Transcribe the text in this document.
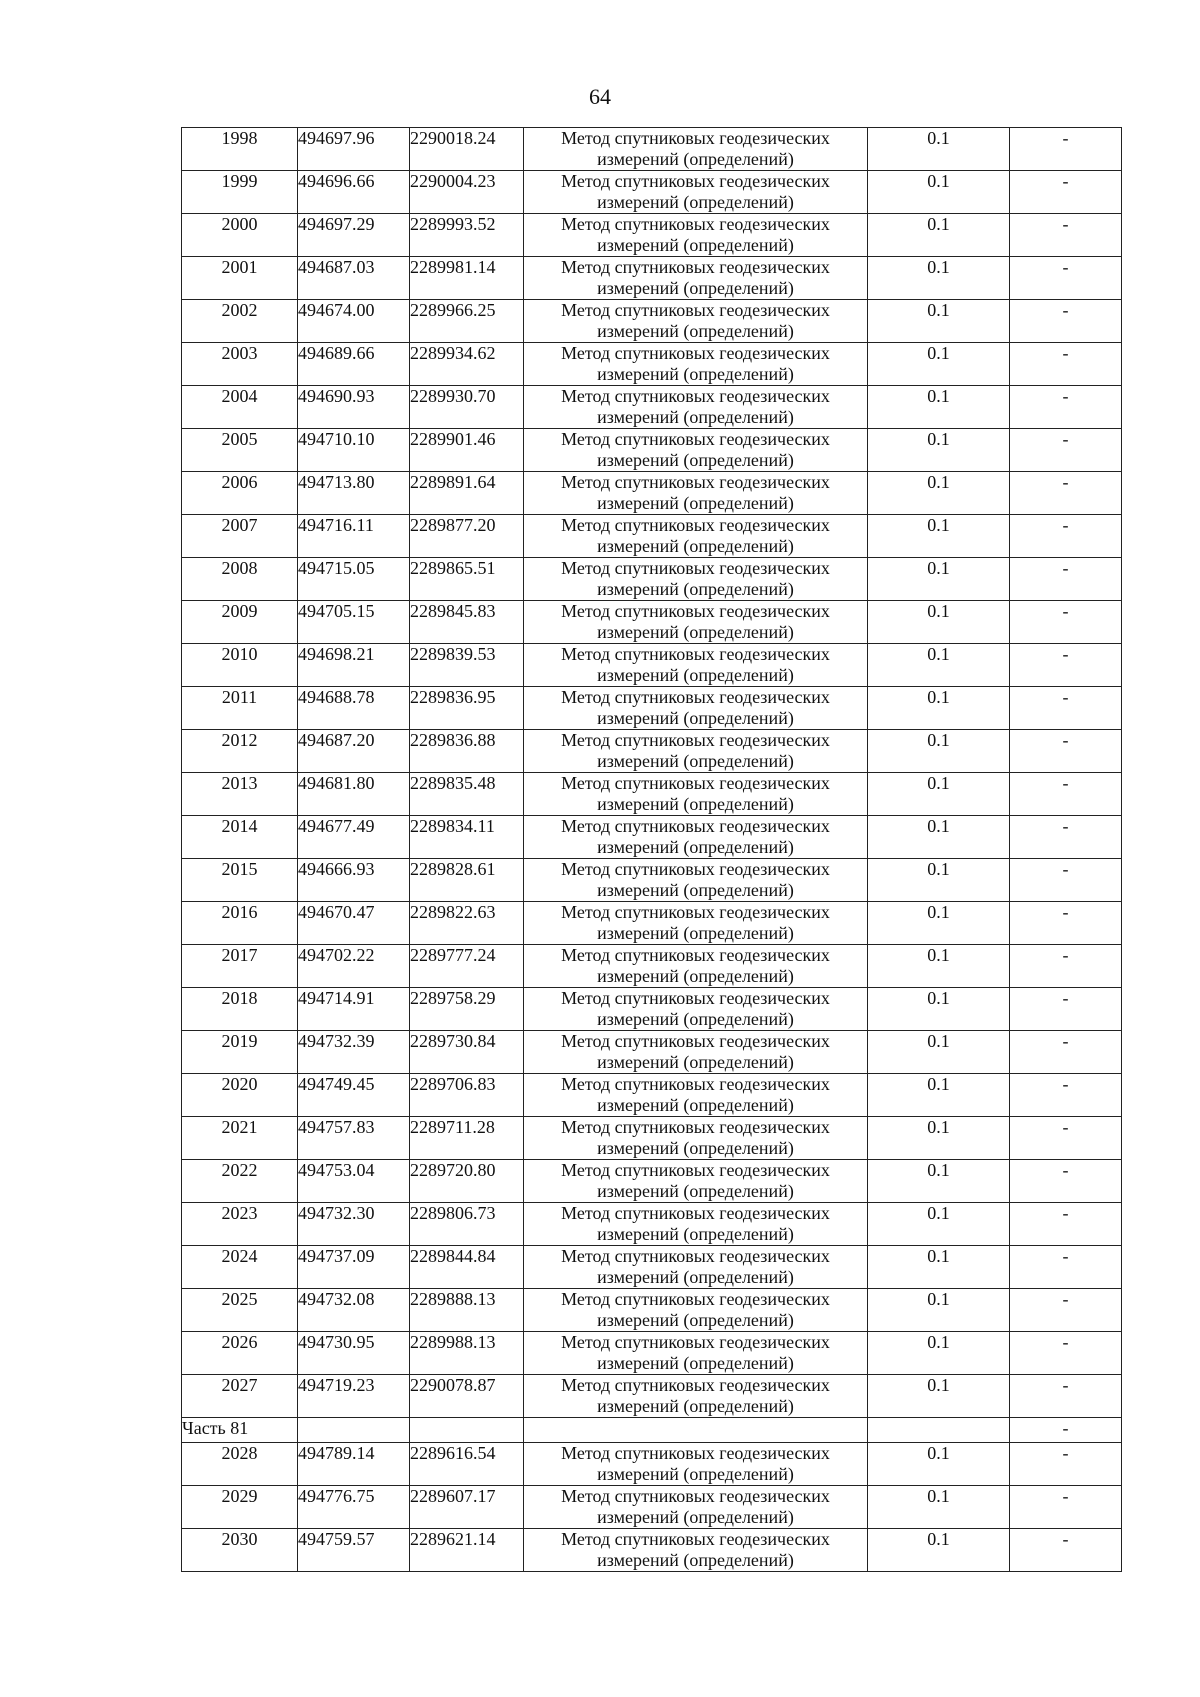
64
1998	494697.96	2290018.24	Метод спутниковых геодезических измерений (определений)	0.1	-
1999	494696.66	2290004.23	Метод спутниковых геодезических измерений (определений)	0.1	-
2000	494697.29	2289993.52	Метод спутниковых геодезических измерений (определений)	0.1	-
2001	494687.03	2289981.14	Метод спутниковых геодезических измерений (определений)	0.1	-
2002	494674.00	2289966.25	Метод спутниковых геодезических измерений (определений)	0.1	-
2003	494689.66	2289934.62	Метод спутниковых геодезических измерений (определений)	0.1	-
2004	494690.93	2289930.70	Метод спутниковых геодезических измерений (определений)	0.1	-
2005	494710.10	2289901.46	Метод спутниковых геодезических измерений (определений)	0.1	-
2006	494713.80	2289891.64	Метод спутниковых геодезических измерений (определений)	0.1	-
2007	494716.11	2289877.20	Метод спутниковых геодезических измерений (определений)	0.1	-
2008	494715.05	2289865.51	Метод спутниковых геодезических измерений (определений)	0.1	-
2009	494705.15	2289845.83	Метод спутниковых геодезических измерений (определений)	0.1	-
2010	494698.21	2289839.53	Метод спутниковых геодезических измерений (определений)	0.1	-
2011	494688.78	2289836.95	Метод спутниковых геодезических измерений (определений)	0.1	-
2012	494687.20	2289836.88	Метод спутниковых геодезических измерений (определений)	0.1	-
2013	494681.80	2289835.48	Метод спутниковых геодезических измерений (определений)	0.1	-
2014	494677.49	2289834.11	Метод спутниковых геодезических измерений (определений)	0.1	-
2015	494666.93	2289828.61	Метод спутниковых геодезических измерений (определений)	0.1	-
2016	494670.47	2289822.63	Метод спутниковых геодезических измерений (определений)	0.1	-
2017	494702.22	2289777.24	Метод спутниковых геодезических измерений (определений)	0.1	-
2018	494714.91	2289758.29	Метод спутниковых геодезических измерений (определений)	0.1	-
2019	494732.39	2289730.84	Метод спутниковых геодезических измерений (определений)	0.1	-
2020	494749.45	2289706.83	Метод спутниковых геодезических измерений (определений)	0.1	-
2021	494757.83	2289711.28	Метод спутниковых геодезических измерений (определений)	0.1	-
2022	494753.04	2289720.80	Метод спутниковых геодезических измерений (определений)	0.1	-
2023	494732.30	2289806.73	Метод спутниковых геодезических измерений (определений)	0.1	-
2024	494737.09	2289844.84	Метод спутниковых геодезических измерений (определений)	0.1	-
2025	494732.08	2289888.13	Метод спутниковых геодезических измерений (определений)	0.1	-
2026	494730.95	2289988.13	Метод спутниковых геодезических измерений (определений)	0.1	-
2027	494719.23	2290078.87	Метод спутниковых геодезических измерений (определений)	0.1	-
Часть 81					-
2028	494789.14	2289616.54	Метод спутниковых геодезических измерений (определений)	0.1	-
2029	494776.75	2289607.17	Метод спутниковых геодезических измерений (определений)	0.1	-
2030	494759.57	2289621.14	Метод спутниковых геодезических измерений (определений)	0.1	-
